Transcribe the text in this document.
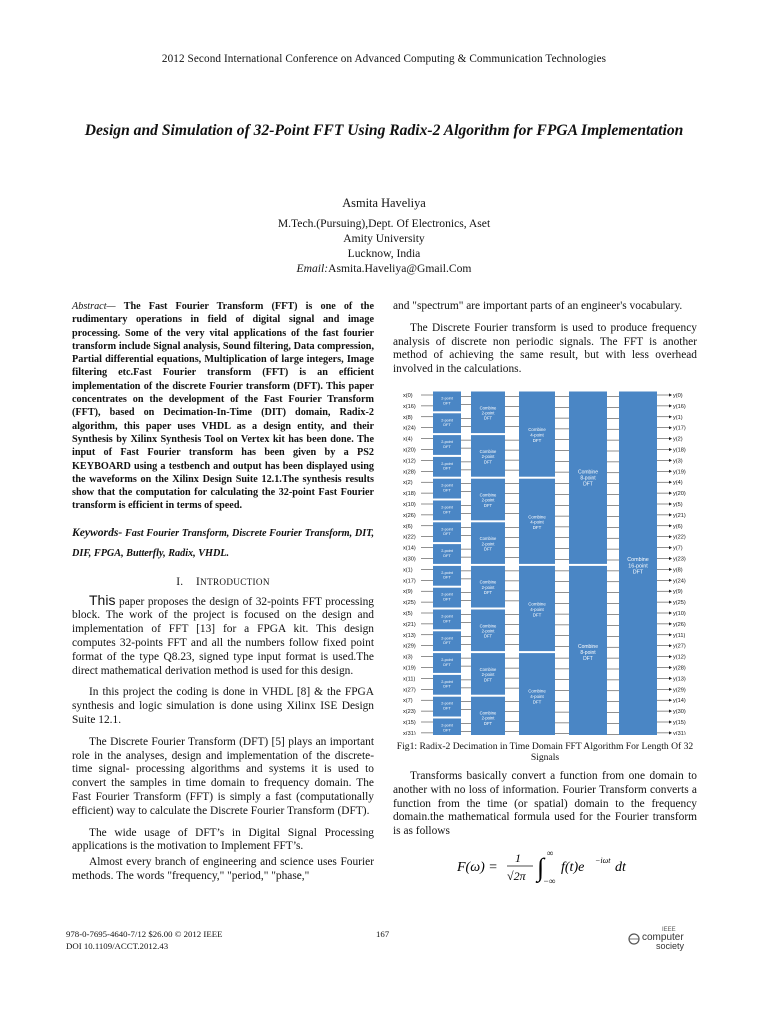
2012 Second International Conference on Advanced Computing & Communication Technologies
Design and Simulation of 32-Point FFT Using Radix-2 Algorithm for FPGA Implementation
Asmita Haveliya
M.Tech.(Pursuing),Dept. Of Electronics, Aset
Amity University
Lucknow, India
Email:Asmita.Haveliya@Gmail.Com
Abstract— The Fast Fourier Transform (FFT) is one of the rudimentary operations in field of digital signal and image processing. Some of the very vital applications of the fast fourier transform include Signal analysis, Sound filtering, Data compression, Partial differential equations, Multiplication of large integers, Image filtering etc.Fast Fourier transform (FFT) is an efficient implementation of the discrete Fourier transform (DFT). This paper concentrates on the development of the Fast Fourier Transform (FFT), based on Decimation-In-Time (DIT) domain, Radix-2 algorithm, this paper uses VHDL as a design entity, and their Synthesis by Xilinx Synthesis Tool on Vertex kit has been done. The input of Fast Fourier transform has been given by a PS2 KEYBOARD using a testbench and output has been displayed using the waveforms on the Xilinx Design Suite 12.1.The synthesis results show that the computation for calculating the 32-point Fast Fourier transform is efficient in terms of speed.
Keywords- Fast Fourier Transform, Discrete Fourier Transform, DIT, DIF, FPGA, Butterfly, Radix, VHDL.
I. INTRODUCTION

This paper proposes the design of 32-points FFT processing block. The work of the project is focused on the design and implementation of FFT [13] for a FPGA kit. This design computes 32-points FFT and all the numbers follow fixed point format of the type Q8.23, signed type input format is used.The direct mathematical derivation method is used for this design.

In this project the coding is done in VHDL [8] & the FPGA synthesis and logic simulation is done using Xilinx ISE Design Suite 12.1.

The Discrete Fourier Transform (DFT) [5] plays an important role in the analyses, design and implementation of the discrete-time signal- processing algorithms and systems it is used to convert the samples in time domain to frequency domain. The Fast Fourier Transform (FFT) is simply a fast (computationally efficient) way to calculate the Discrete Fourier Transform (DFT).

The wide usage of DFT’s in Digital Signal Processing applications is the motivation to Implement FFT’s.

Almost every branch of engineering and science uses Fourier methods. The words "frequency," "period," "phase,"

and "spectrum" are important parts of an engineer's vocabulary.

The Discrete Fourier transform is used to produce frequency analysis of discrete non periodic signals. The FFT is another method of achieving the same result, but with less overhead involved in the calculations.

x(0)
x(16)
x(8)
x(24)
x(4)
x(20)
x(12)
x(28)
x(2)
x(18)
x(10)
x(26)
x(6)
x(22)
x(14)
x(30)
x(1)
x(17)
x(9)
x(25)
x(5)
x(21)
x(13)
x(29)
x(3)
x(19)
x(11)
x(27)
x(7)
x(23)
x(15)
x(31)
2-point DFT
2-point DFT
2-point DFT
2-point DFT
2-point DFT
2-point DFT
2-point DFT
2-point DFT
2-point DFT
2-point DFT
2-point DFT
2-point DFT
2-point DFT
2-point DFT
2-point DFT
2-point DFT
Combine 2-point DFT
Combine 2-point DFT
Combine 2-point DFT
Combine 2-point DFT
Combine 2-point DFT
Combine 2-point DFT
Combine 2-point DFT
Combine 2-point DFT
Combine 4-point DFT
Combine 4-point DFT
Combine 4-point DFT
Combine 4-point DFT
Combine 8-point DFT
Combine 8-point DFT
Combine 16-point DFT
y(0)
y(16)
y(1)
y(17)
y(2)
y(18)
y(3)
y(19)
y(4)
y(20)
y(5)
y(21)
y(6)
y(22)
y(7)
y(23)
y(8)
y(24)
y(9)
y(25)
y(10)
y(26)
y(11)
y(27)
y(12)
y(28)
y(13)
y(29)
y(14)
y(30)
y(15)
y(31)
Fig1: Radix-2 Decimation in Time Domain FFT Algorithm For Length Of 32 Signals

Transforms basically convert a function from one domain to another with no loss of information. Fourier Transform converts a function from the time (or spatial) domain to the frequency domain.the mathematical formula used for the Fourier transform is as follows

F(ω) =
1
√2π ∫ ∞
−∞
f(t)e −iωt dt
978-0-7695-4640-7/12 $26.00 © 2012 IEEE
DOI 10.1109/ACCT.2012.43
167	IEEE
computer
society
